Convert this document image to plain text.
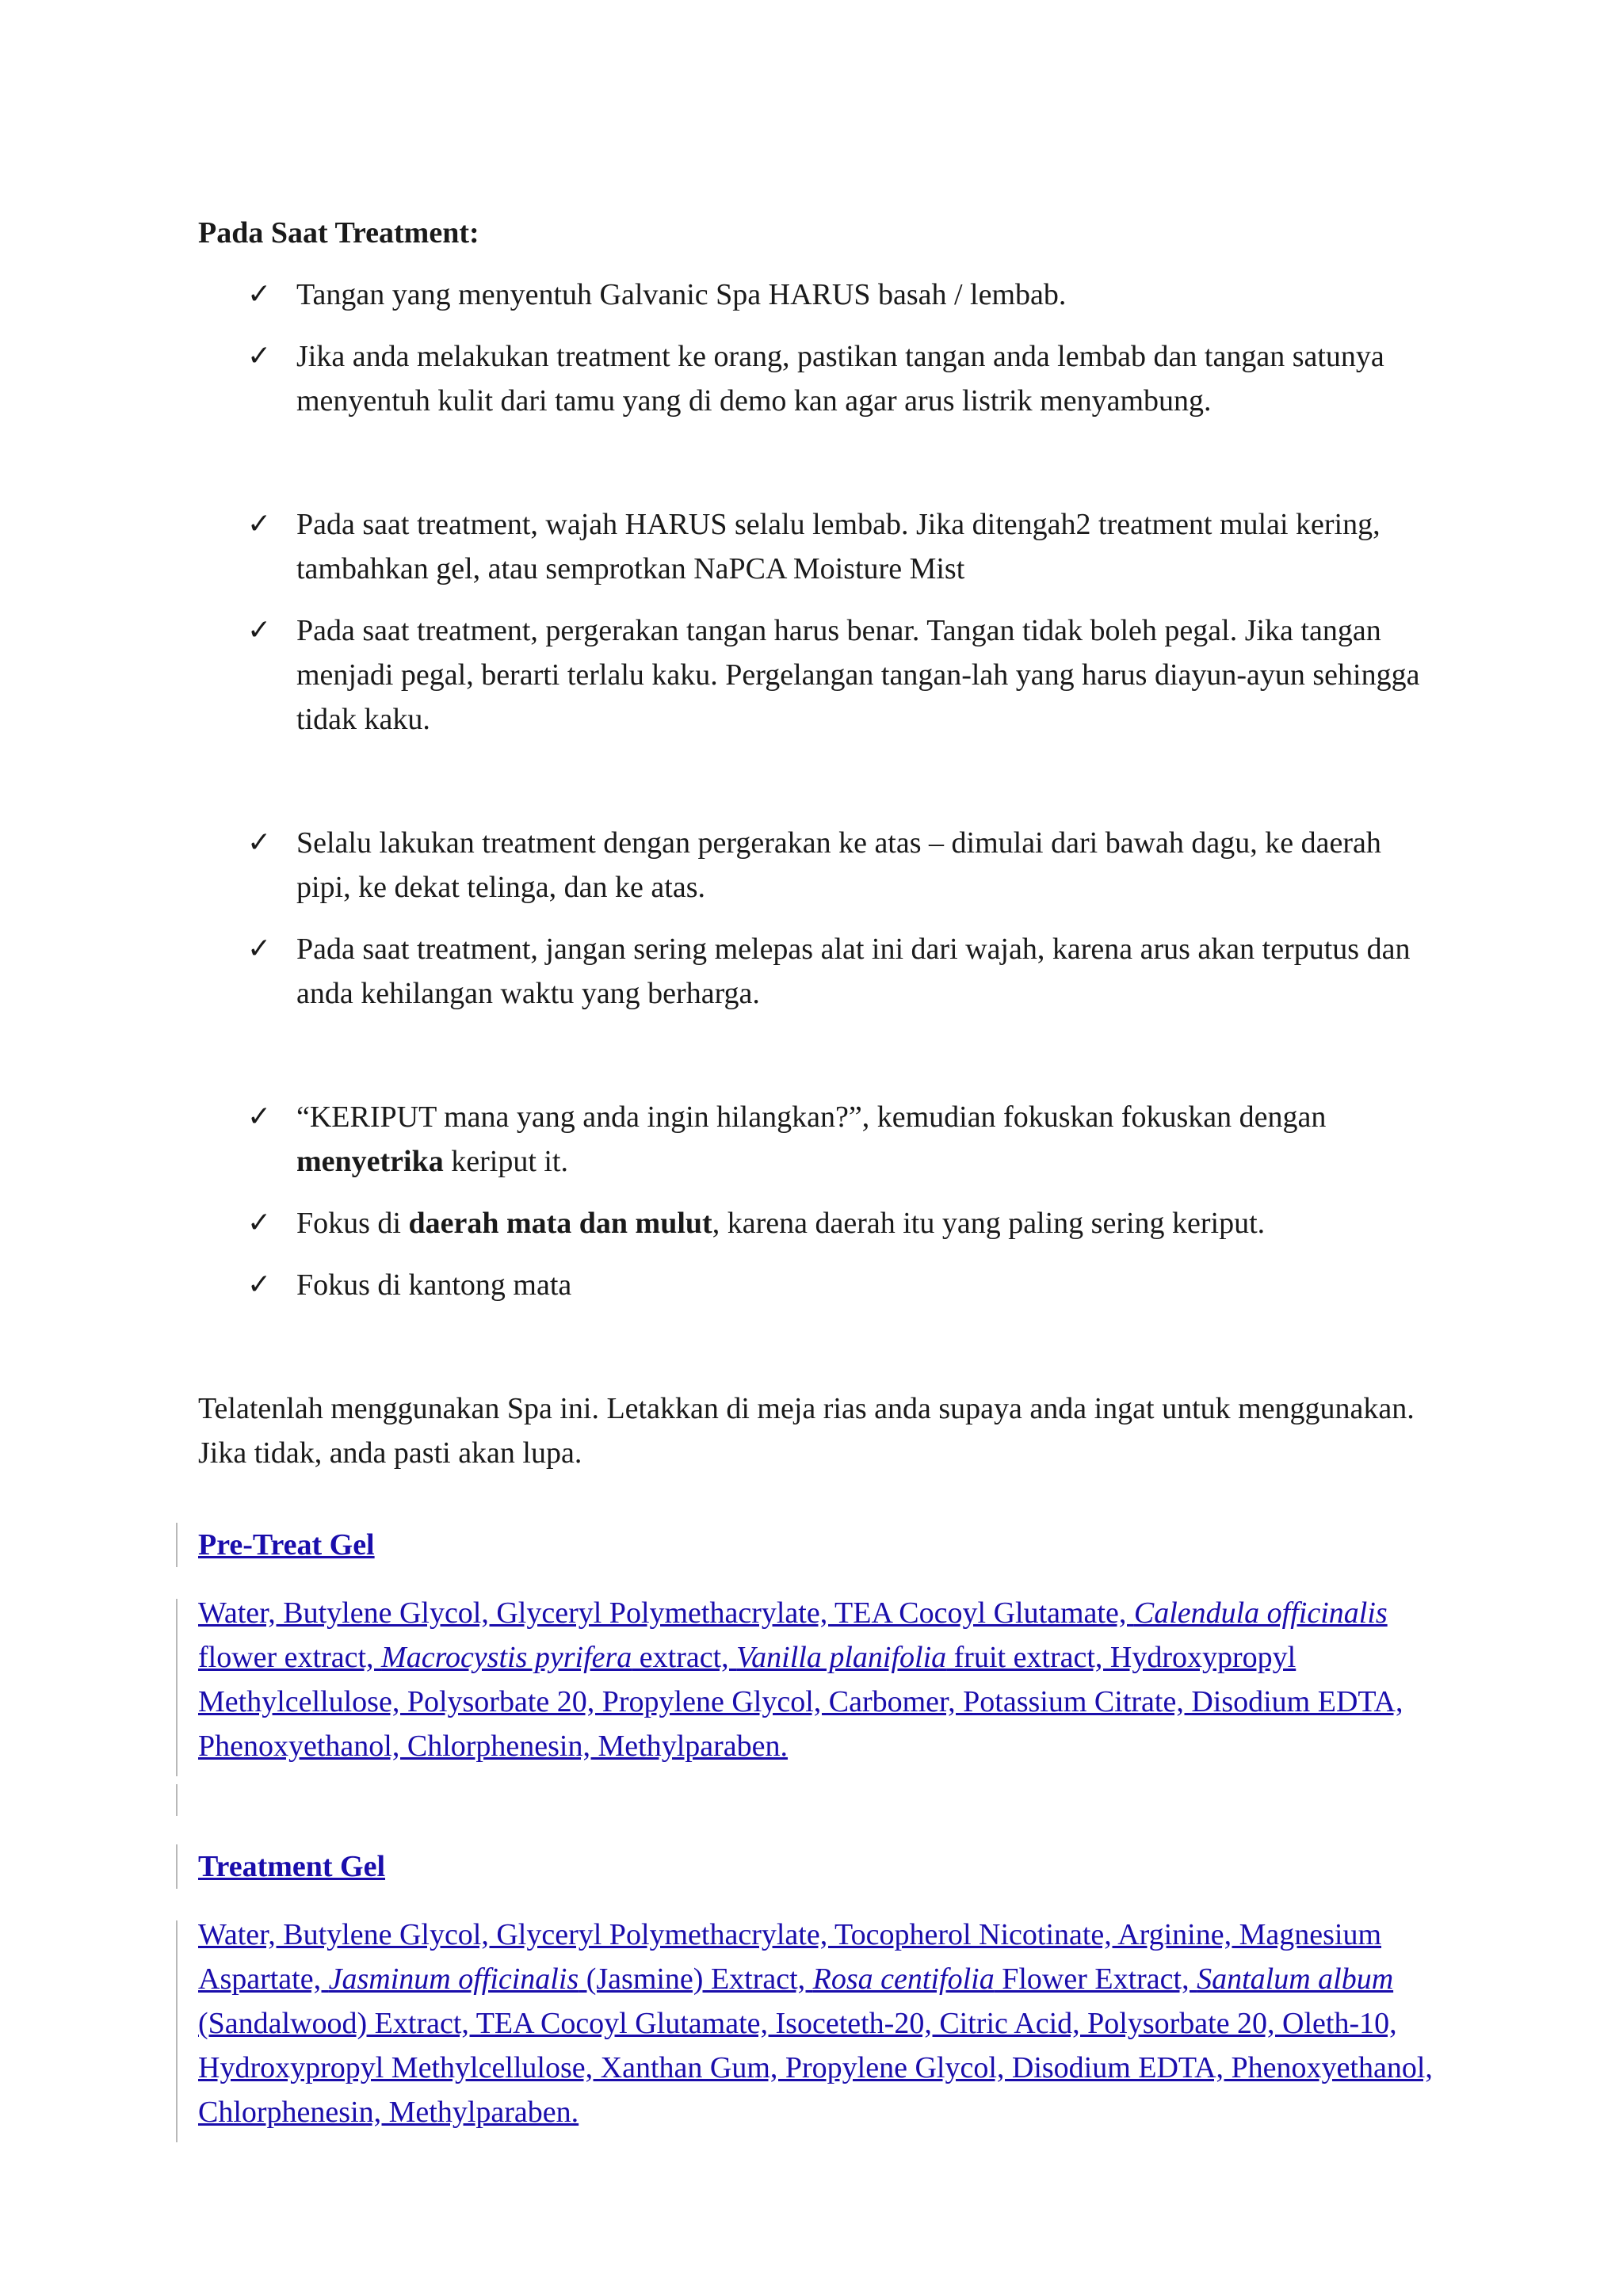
Pada Saat Treatment:

✓ Tangan yang menyentuh Galvanic Spa HARUS basah / lembab.
✓ Jika anda melakukan treatment ke orang, pastikan tangan anda lembab dan tangan satunya menyentuh kulit dari tamu yang di demo kan agar arus listrik menyambung.
✓ Pada saat treatment, wajah HARUS selalu lembab. Jika ditengah2 treatment mulai kering, tambahkan gel, atau semprotkan NaPCA Moisture Mist
✓ Pada saat treatment, pergerakan tangan harus benar. Tangan tidak boleh pegal. Jika tangan menjadi pegal, berarti terlalu kaku. Pergelangan tangan-lah yang harus diayun-ayun sehingga tidak kaku.
✓ Selalu lakukan treatment dengan pergerakan ke atas – dimulai dari bawah dagu, ke daerah pipi, ke dekat telinga, dan ke atas.
✓ Pada saat treatment, jangan sering melepas alat ini dari wajah, karena arus akan terputus dan anda kehilangan waktu yang berharga.
✓ “KERIPUT mana yang anda ingin hilangkan?”, kemudian fokuskan fokuskan dengan menyetrika keriput it.
✓ Fokus di daerah mata dan mulut, karena daerah itu yang paling sering keriput.
✓ Fokus di kantong mata

Telatenlah menggunakan Spa ini. Letakkan di meja rias anda supaya anda ingat untuk menggunakan. Jika tidak, anda pasti akan lupa.

Pre-Treat Gel

Water, Butylene Glycol, Glyceryl Polymethacrylate, TEA Cocoyl Glutamate, Calendula officinalis flower extract, Macrocystis pyrifera extract, Vanilla planifolia fruit extract, Hydroxypropyl Methylcellulose, Polysorbate 20, Propylene Glycol, Carbomer, Potassium Citrate, Disodium EDTA, Phenoxyethanol, Chlorphenesin, Methylparaben.

Treatment Gel

Water, Butylene Glycol, Glyceryl Polymethacrylate, Tocopherol Nicotinate, Arginine, Magnesium Aspartate, Jasminum officinalis (Jasmine) Extract, Rosa centifolia Flower Extract, Santalum album (Sandalwood) Extract, TEA Cocoyl Glutamate, Isoceteth-20, Citric Acid, Polysorbate 20, Oleth-10, Hydroxypropyl Methylcellulose, Xanthan Gum, Propylene Glycol, Disodium EDTA, Phenoxyethanol, Chlorphenesin, Methylparaben.
